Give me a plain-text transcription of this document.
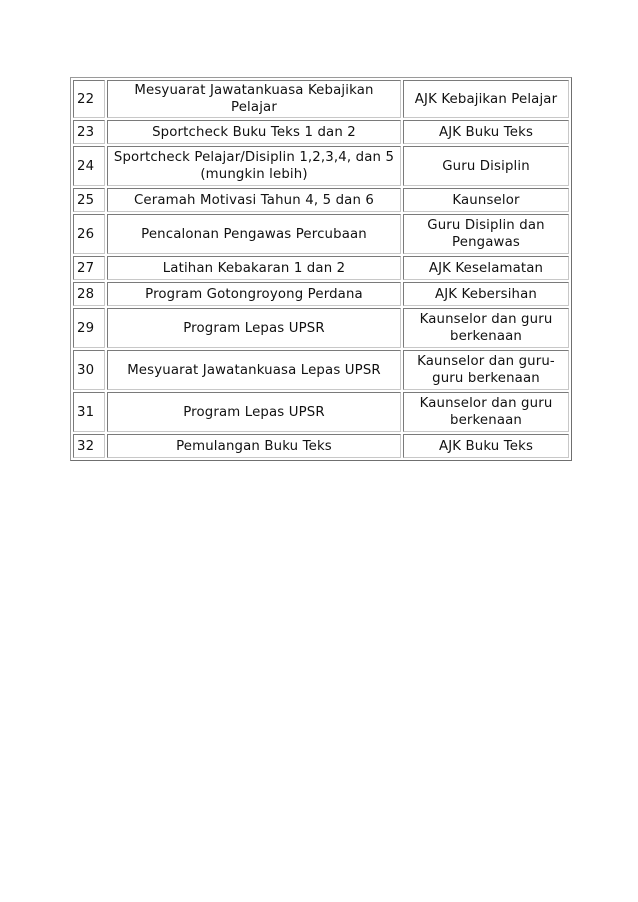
22	Mesyuarat Jawatankuasa Kebajikan Pelajar	AJK Kebajikan Pelajar
23	Sportcheck Buku Teks 1 dan 2	AJK Buku Teks
24	Sportcheck Pelajar/Disiplin 1,2,3,4, dan 5 (mungkin lebih)	Guru Disiplin
25	Ceramah Motivasi Tahun 4, 5 dan 6	Kaunselor
26	Pencalonan Pengawas Percubaan	Guru Disiplin dan Pengawas
27	Latihan Kebakaran 1 dan 2	AJK Keselamatan
28	Program Gotongroyong Perdana	AJK Kebersihan
29	Program Lepas UPSR	Kaunselor dan guru berkenaan
30	Mesyuarat Jawatankuasa Lepas UPSR	Kaunselor dan guru-guru berkenaan
31	Program Lepas UPSR	Kaunselor dan guru berkenaan
32	Pemulangan Buku Teks	AJK Buku Teks
